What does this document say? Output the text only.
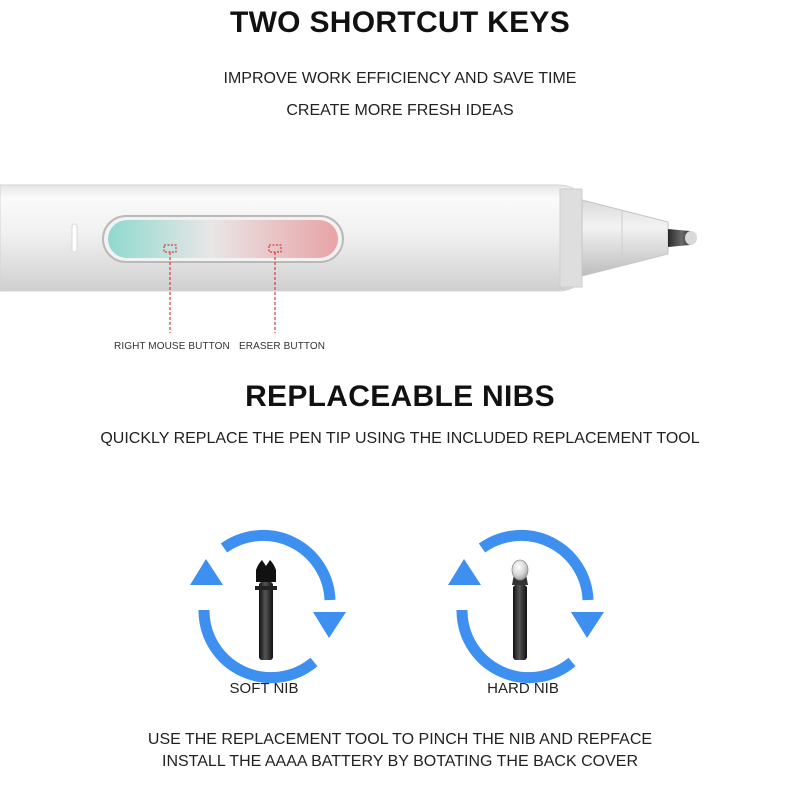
TWO SHORTCUT KEYS
IMPROVE WORK EFFICIENCY AND SAVE TIME
CREATE MORE FRESH IDEAS
RIGHT MOUSE BUTTON ERASER BUTTON
REPLACEABLE NIBS
QUICKLY REPLACE THE PEN TIP USING THE INCLUDED REPLACEMENT TOOL
SOFT NIB	HARD NIB
USE THE REPLACEMENT TOOL TO PINCH THE NIB AND REPFACE
INSTALL THE AAAA BATTERY BY BOTATING THE BACK COVER
